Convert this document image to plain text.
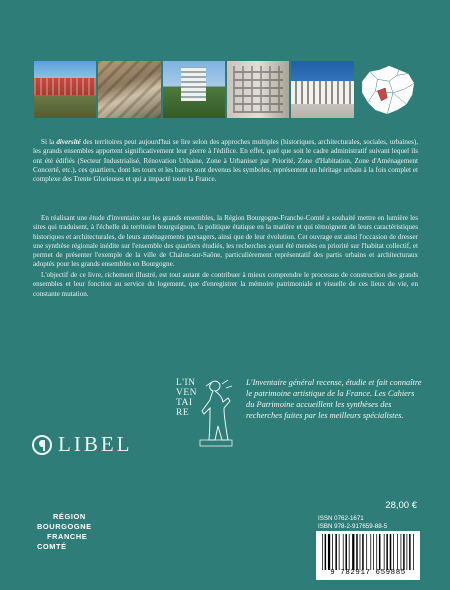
Si la diversité des territoires peut aujourd'hui se lire selon des approches multiples (historiques, architecturales, sociales, urbaines), les grands ensembles apportent significativement leur pierre à l'édifice. En effet, quel que soit le cadre administratif suivant lequel ils ont été édifiés (Secteur Industrialisé, Rénovation Urbaine, Zone à Urbaniser par Priorité, Zone d'Habitation, Zone d'Aménagement Concerté, etc.), ces quartiers, dont les tours et les barres sont devenus les symboles, représentent un héritage urbain à la fois complet et complexe des Trente Glorieuses et qui a impacté toute la France.

En réalisant une étude d'inventaire sur les grands ensembles, la Région Bourgogne-Franche-Comté a souhaité mettre en lumière les sites qui traduisent, à l'échelle du territoire bourguignon, la politique étatique en la matière et qui témoignent de leurs caractéristiques historiques et architecturales, de leurs aménagements paysagers, ainsi que de leur évolution. Cet ouvrage est ainsi l'occasion de dresser une synthèse régionale inédite sur l'ensemble des quartiers étudiés, les recherches ayant été menées en priorité sur l'habitat collectif, et permet de présenter l'exemple de la ville de Chalon-sur-Saône, particulièrement représentatif des partis urbains et architecturaux adoptés pour les grands ensembles en Bourgogne.

L'objectif de ce livre, richement illustré, est tout autant de contribuer à mieux comprendre le processus de construction des grands ensembles et leur fonction au service du logement, que d'enregistrer la mémoire patrimoniale et visuelle de ces lieux de vie, en constante mutation.

LIBEL
L'IN
VEN
TAI
RE

L'Inventaire général recense, étudie et fait connaître le patrimoine artistique de la France. Les Cahiers du Patrimoine accueillent les synthèses des recherches faites par les meilleurs spécialistes.

RÉGION
BOURGOGNE
FRANCHE
COMTÉ
28,00 €
ISSN 0762-1671
ISBN 978-2-917659-88-5
9 782917 659885
